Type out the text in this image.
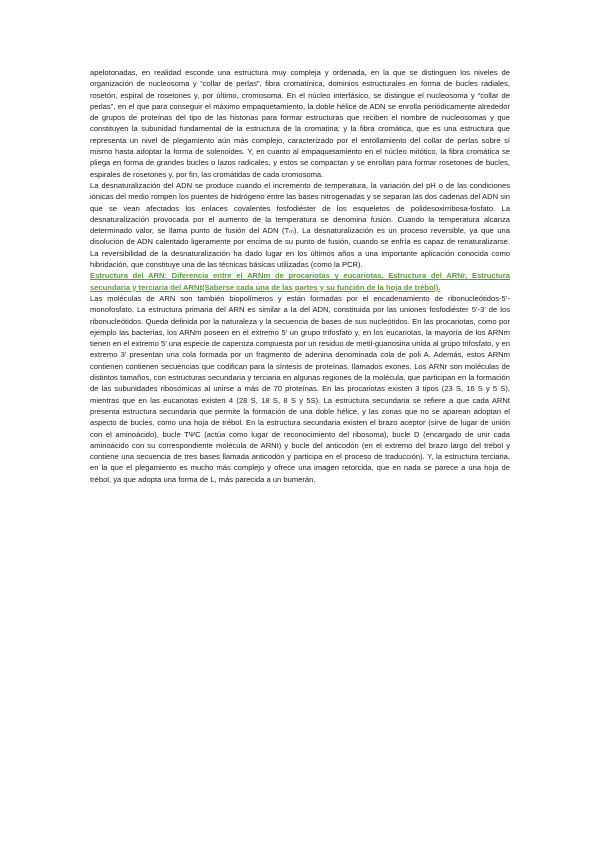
apelotonadas, en realidad esconde una estructura muy compleja y ordenada, en la que se distinguen los niveles de organización de nucleosoma y “collar de perlas”, fibra cromatínica, dominios estructurales en forma de bucles radiales, rosetón, espiral de rosetones y, por último, cromosoma. En el núcleo interfásico, se distingue el nucleosoma y “collar de perlas”, en el que para conseguir el máximo empaquetamiento, la doble hélice de ADN se enrolla periódicamente alrededor de grupos de proteínas del tipo de las histonas para formar estructuras que reciben el nombre de nucleosomas y que constituyen la subunidad fundamental de la estructura de la cromatina; y la fibra cromática, que es una estructura que representa un nivel de plegamiento aún más complejo, caracterizado por el enrollamiento del collar de perlas sobre sí mismo hasta adoptar la forma de solenoides. Y, en cuanto al empaquetamiento en el núcleo mitótico, la fibra cromática se pliega en forma de grandes bucles o lazos radicales, y estos se compactan y se enrollan para formar rosetones de bucles, espirales de rosetones y, por fin, las cromátidas de cada cromosoma.

La desnaturalización del ADN se produce cuando el incremento de temperatura, la variación del pH o de las condiciones iónicas del medio rompen los puentes de hidrógeno entre las bases nitrogenadas y se separan las dos cadenas del ADN sin que se vean afectados los enlaces covalentes fosfodiéster de los esqueletos de polidesoxirribosa-fosfato. La desnaturalización provocada por el aumento de la temperatura se denomina fusión. Cuando la temperatura alcanza determinado valor, se llama punto de fusión del ADN (Tₘ). La desnaturalización es un proceso reversible, ya que una disolución de ADN calentado ligeramente por encima de su punto de fusión, cuando se enfría es capaz de renaturalizarse. La reversibilidad de la desnaturalización ha dado lugar en los últimos años a una importante aplicación conocida como hibridación, que constituye una de las técnicas básicas utilizadas (como la PCR).

Estructura del ARN: Diferencia entre el ARNm de procariotas y eucariotas, Estructura del ARNr, Estructura secundaria y terciaria del ARNt(Saberse cada una de las partes y su función de la hoja de trébol).

Las moléculas de ARN son también biopolímeros y están formadas por el encadenamiento de ribonucleótidos-5’-monofosfato. La estructura primaria del ARN es similar a la del ADN, constituida por las uniones fosfodiéster 5’-3’ de los ribonucleótidos. Queda definida por la naturaleza y la secuencia de bases de sus nucleótidos. En las procariotas, como por ejemplo las bacterias, los ARNm poseen en el extremo 5’ un grupo trifosfato y, en los eucariotas, la mayoría de los ARNm tienen en el extremo 5’ una especie de caperuza compuesta por un residuo de metil-guanosina unida al grupo trifosfato, y en extremo 3’ presentan una cola formada por un fragmento de adenina denominada cola de poli A. Además, estos ARNm contienen contienen secuencias que codifican para la síntesis de proteínas, llamados exones. Los ARNr son moléculas de distintos tamaños, con estructuras secundaria y terciaria en algunas regiones de la molécula, que participan en la formación de las subunidades ribosómicas al unirse a más de 70 proteínas. En las procariotas existen 3 tipos (23 S, 16 S y 5 S), mientras que en las eucariotas existen 4 (28 S, 18 S, 8 S y 5S). La estructura secundaria se refiere a que cada ARNt presenta estructura secundaria que permite la formación de una doble hélice, y las zonas que no se aparean adoptan el aspecto de bucles, como una hoja de trébol. En la estructura secundaria existen el brazo aceptor (sirve de lugar de unión con el aminoácido), bucle TΨC (actúa como lugar de reconocimiento del ribosoma), bucle D (encargado de unir cada aminoácido con su correspondiente molécula de ARNt) y bucle del anticodón (en el extremo del brazo largo del trébol y contiene una secuencia de tres bases llamada anticodón y participa en el proceso de traducción). Y, la estructura terciaria, en la que el plegamiento es mucho más complejo y ofrece una imagen retorcida, que en nada se parece a una hoja de trébol, ya que adopta una forma de L, más parecida a un bumerán.
